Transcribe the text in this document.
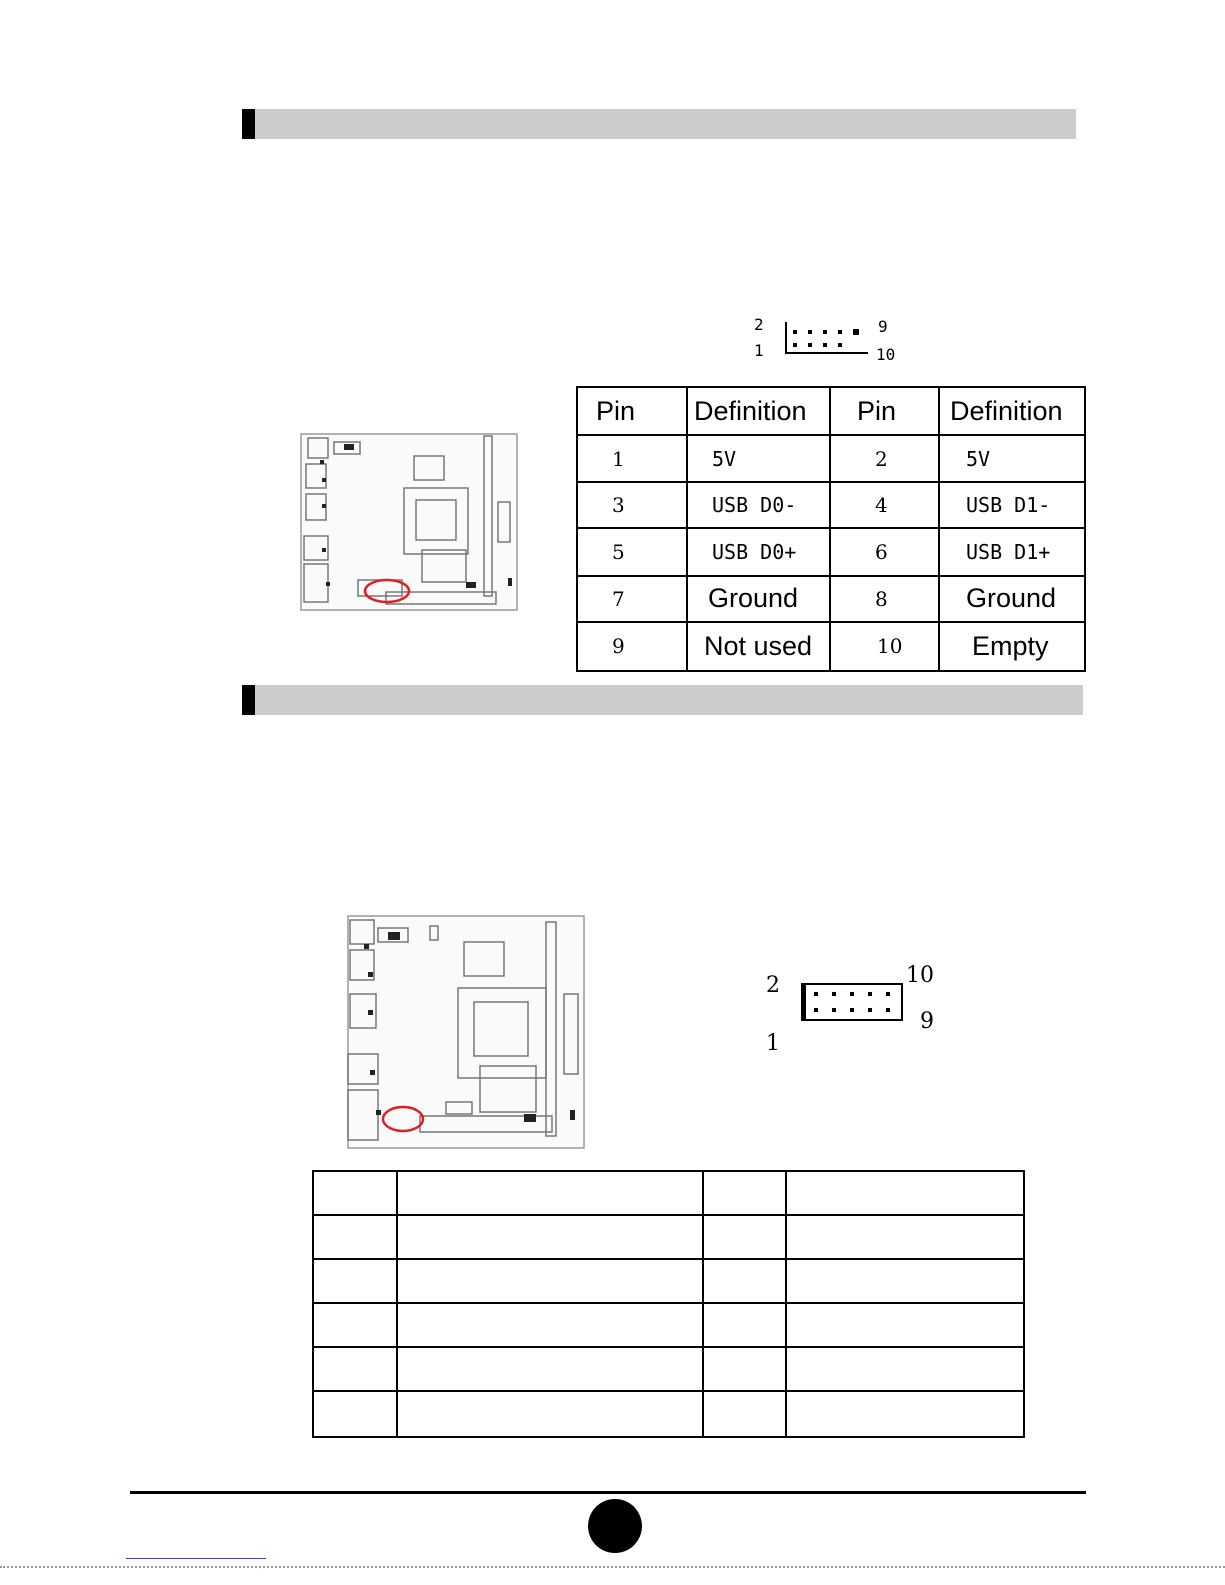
2
1
9
10
Pin	Definition	Pin	Definition
1	5V	2	5V
3	USB D0-	4	USB D1-
5	USB D0+	6	USB D1+
7	Ground	8	Ground
9	Not used	10	Empty
2
1
10
9
